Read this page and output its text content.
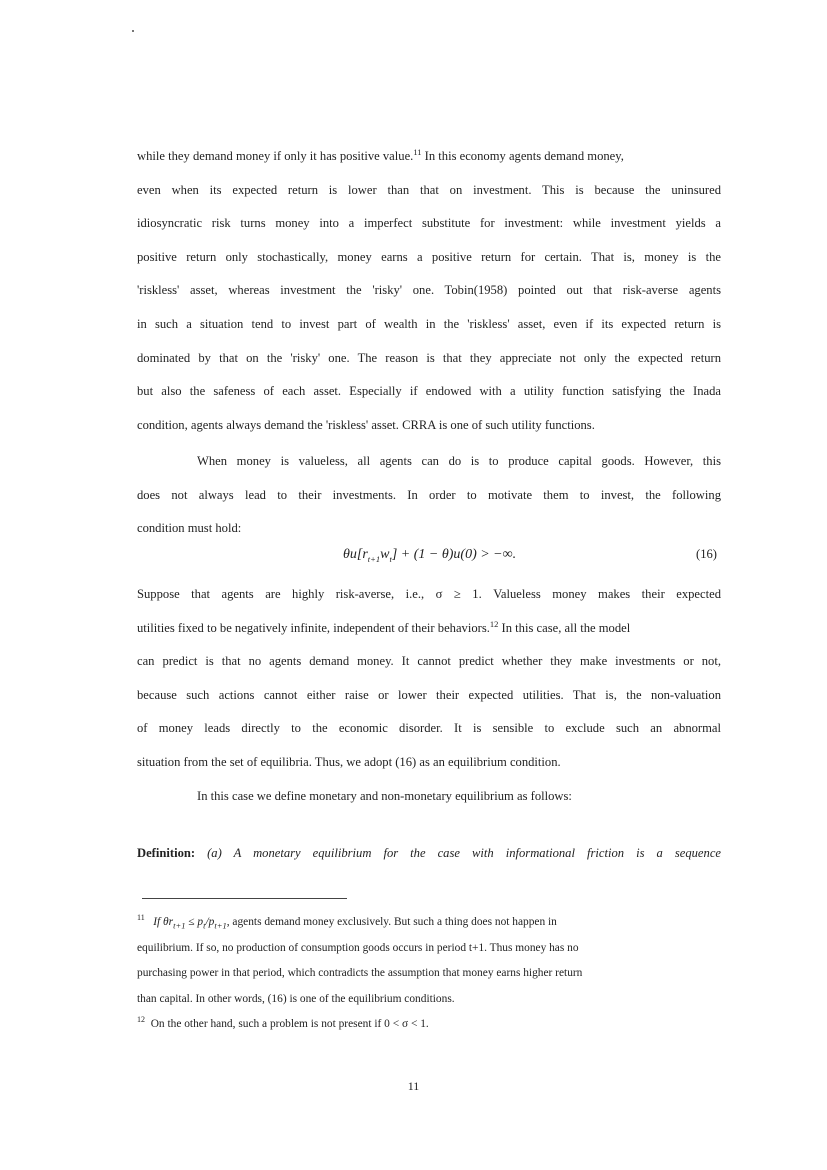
while they demand money if only it has positive value.$^{11}$ In this economy agents demand money,
even when its expected return is lower than that on investment. This is because the uninsured
idiosyncratic risk turns money into a imperfect substitute for investment: while investment yields a
positive return only stochastically, money earns a positive return for certain. That is, money is the
'riskless' asset, whereas investment the 'risky' one. Tobin(1958) pointed out that risk-averse agents
in such a situation tend to invest part of wealth in the 'riskless' asset, even if its expected return is
dominated by that on the 'risky' one. The reason is that they appreciate not only the expected return
but also the safeness of each asset. Especially if endowed with a utility function satisfying the Inada
condition, agents always demand the 'riskless' asset. CRRA is one of such utility functions.
When money is valueless, all agents can do is to produce capital goods. However, this
does not always lead to their investments. In order to motivate them to invest, the following
condition must hold:
$\theta u[r_{t+1}w_t] + (1 - \theta)u(0)$ > −∞.	(16)
Suppose that agents are highly risk-averse, i.e., σ ≥ 1. Valueless money makes their expected
utilities fixed to be negatively infinite, independent of their behaviors.$^{12}$ In this case, all the model
can predict is that no agents demand money. It cannot predict whether they make investments or not,
because such actions cannot either raise or lower their expected utilities. That is, the non-valuation
of money leads directly to the economic disorder. It is sensible to exclude such an abnormal
situation from the set of equilibria. Thus, we adopt (16) as an equilibrium condition.
In this case we define monetary and non-monetary equilibrium as follows:
Definition: (a) A monetary equilibrium for the case with informational friction is a sequence
$^{11}$ If $\theta r_{t+1} \le p_t/p_{t+1}$, agents demand money exclusively. But such a thing does not happen in
equilibrium. If so, no production of consumption goods occurs in period t+1. Thus money has no
purchasing power in that period, which contradicts the assumption that money earns higher return
than capital. In other words, (16) is one of the equilibrium conditions.
$^{12}$ On the other hand, such a problem is not present if 0 < σ < 1.
11
